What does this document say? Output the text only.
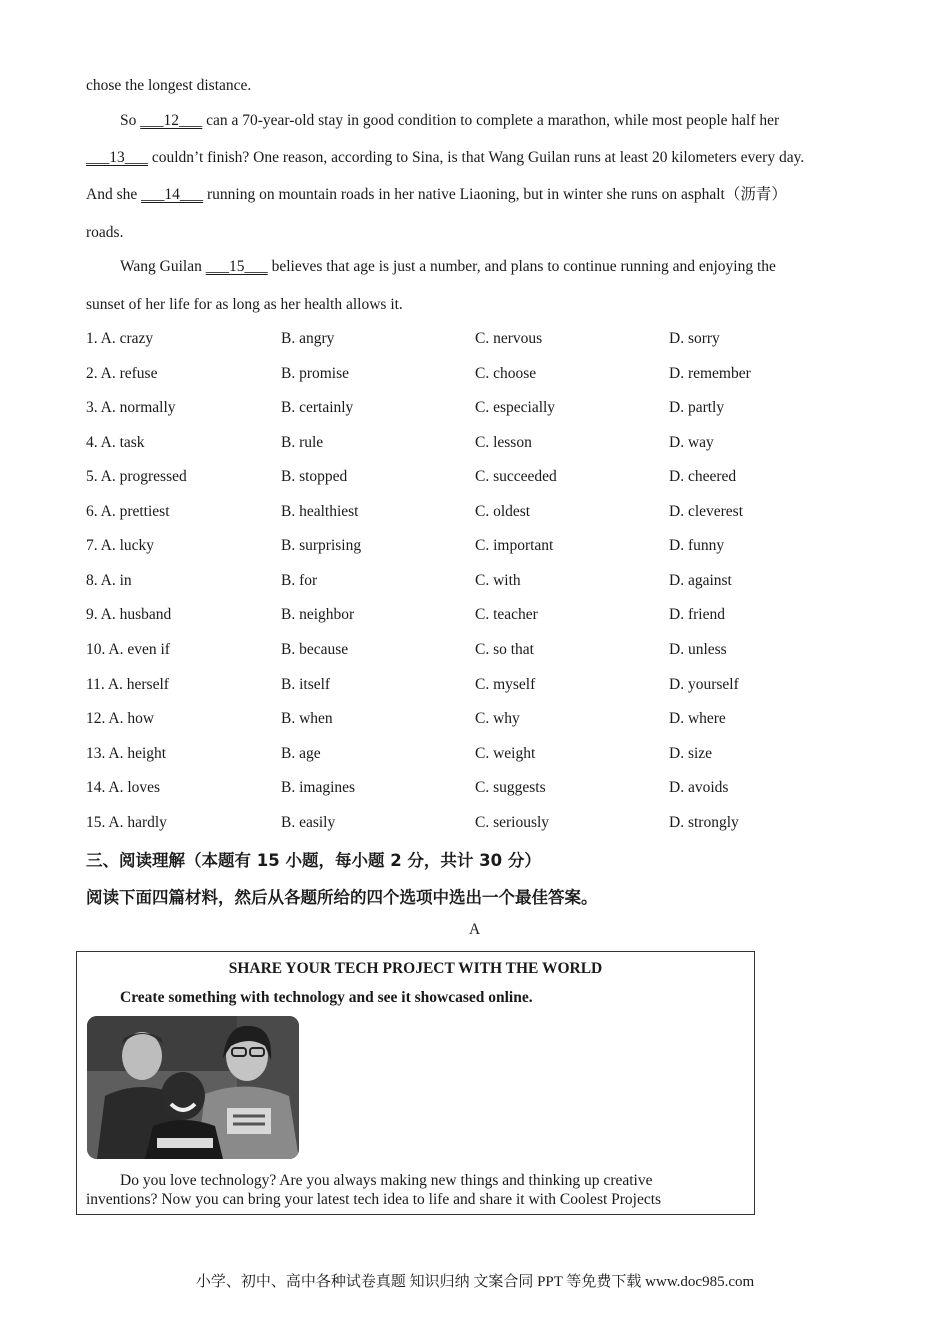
chose the longest distance.
So ___12___ can a 70-year-old stay in good condition to complete a marathon, while most people half her
___13___ couldn’t finish? One reason, according to Sina, is that Wang Guilan runs at least 20 kilometers every day.
And she ___14___ running on mountain roads in her native Liaoning, but in winter she runs on asphalt（沥青）
roads.
Wang Guilan ___15___ believes that age is just a number, and plans to continue running and enjoying the
sunset of her life for as long as her health allows it.
1. A. crazy	B. angry	C. nervous	D. sorry
2. A. refuse	B. promise	C. choose	D. remember
3. A. normally	B. certainly	C. especially	D. partly
4. A. task	B. rule	C. lesson	D. way
5. A. progressed	B. stopped	C. succeeded	D. cheered
6. A. prettiest	B. healthiest	C. oldest	D. cleverest
7. A. lucky	B. surprising	C. important	D. funny
8. A. in	B. for	C. with	D. against
9. A. husband	B. neighbor	C. teacher	D. friend
10. A. even if	B. because	C. so that	D. unless
11. A. herself	B. itself	C. myself	D. yourself
12. A. how	B. when	C. why	D. where
13. A. height	B. age	C. weight	D. size
14. A. loves	B. imagines	C. suggests	D. avoids
15. A. hardly	B. easily	C. seriously	D. strongly
三、阅读理解（本题有 15 小题，每小题 2 分，共计 30 分）
阅读下面四篇材料，然后从各题所给的四个选项中选出一个最佳答案。
A
SHARE YOUR TECH PROJECT WITH THE WORLD
Create something with technology and see it showcased online.
Do you love technology? Are you always making new things and thinking up creative
inventions? Now you can bring your latest tech idea to life and share it with Coolest Projects
小学、初中、高中各种试卷真题 知识归纳 文案合同 PPT 等免费下载 www.doc985.com
